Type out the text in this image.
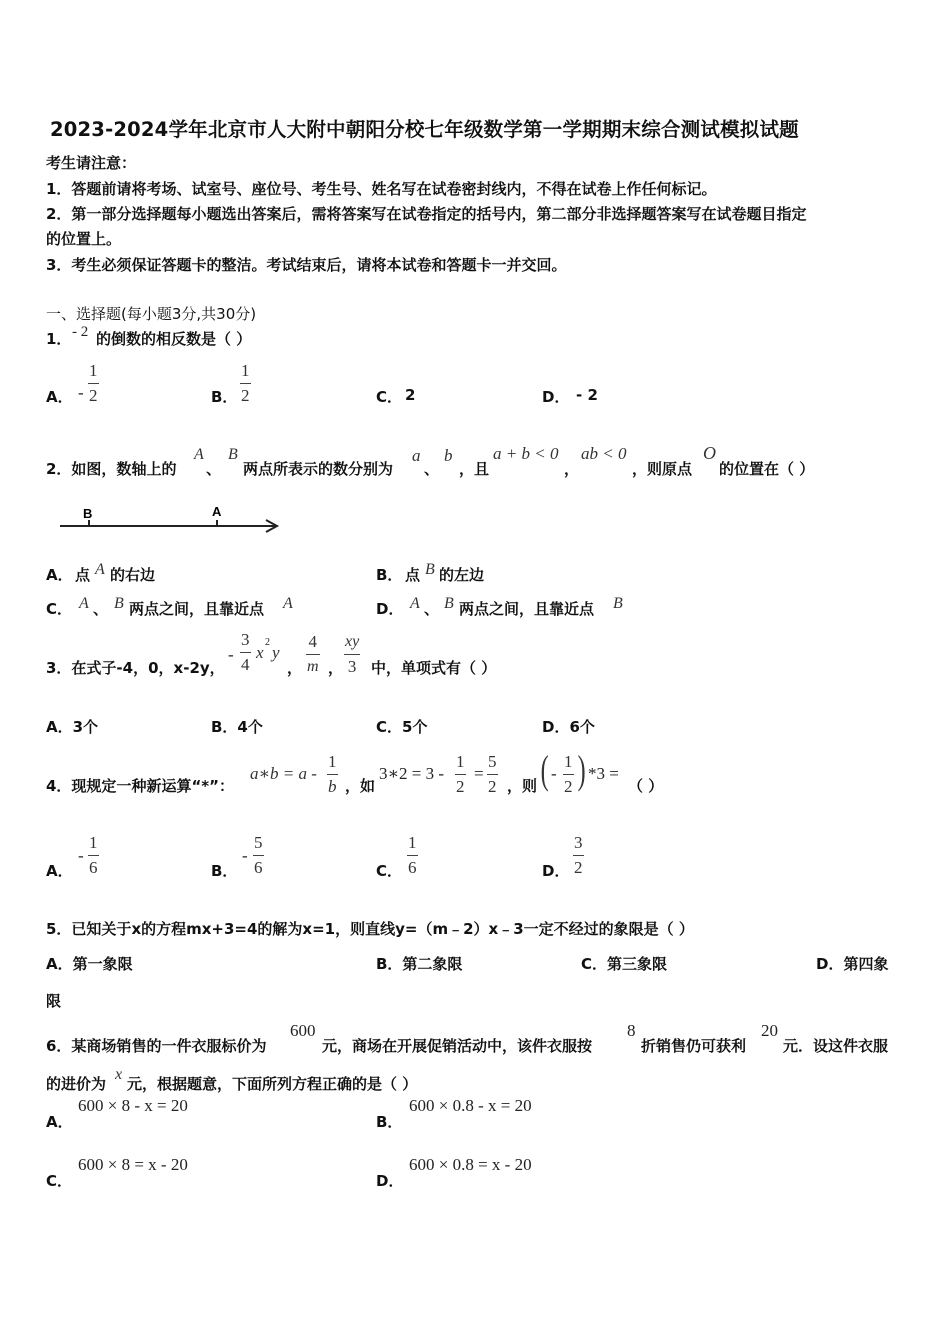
2023-2024学年北京市人大附中朝阳分校七年级数学第一学期期末综合测试模拟试题
考生请注意：
1．答题前请将考场、试室号、座位号、考生号、姓名写在试卷密封线内，不得在试卷上作任何标记。
2．第一部分选择题每小题选出答案后，需将答案写在试卷指定的括号内，第二部分非选择题答案写在试卷题目指定
的位置上。
3．考生必须保证答题卡的整洁。考试结束后，请将本试卷和答题卡一并交回。
一、选择题(每小题3分,共30分)
1． - 2 的倒数的相反数是（ ）
A． -
1
2	B．
1
2	C． 2	D． - 2
2．如图，数轴上的
A
、
B
两点所表示的数分别为
a
、
b
，且
a + b < 0
，
ab < 0
，则原点
O
的位置在（ ）
B	A
A． 点 A 的右边	B． 点 B 的左边
C． A 、 B 两点之间，且靠近点 A	D． A 、 B 两点之间，且靠近点 B
3．在式子-4，0，x-2y，
-
3
4
x
2
y
，
4
m ，
xy
3 中，单项式有（ ）
A．3个	B．4个	C．5个	D．6个
4．现规定一种新运算“*”：
a∗b = a -
1
b ，如
3∗2 = 3 -
1
2
=
5
2 ，则 ( -
1
2 ) *3 =
（ ）
A．
-
1
6	B．
-
5
6	C．
1
6	D．
3
2
5．已知关于x的方程mx+3=4的解为x=1，则直线y=（m﹣2）x﹣3一定不经过的象限是（ ）
A．第一象限	B．第二象限	C．第三象限	D．第四象
限
6．某商场销售的一件衣服标价为
600
元，商场在开展促销活动中，该件衣服按
8
折销售仍可获利
20
元．设这件衣服
的进价为
x
元，根据题意，下面所列方程正确的是（ ）
A．
600 × 8 - x = 20
B．
600 × 0.8 - x = 20
C．
600 × 8 = x - 20
D．
600 × 0.8 = x - 20
